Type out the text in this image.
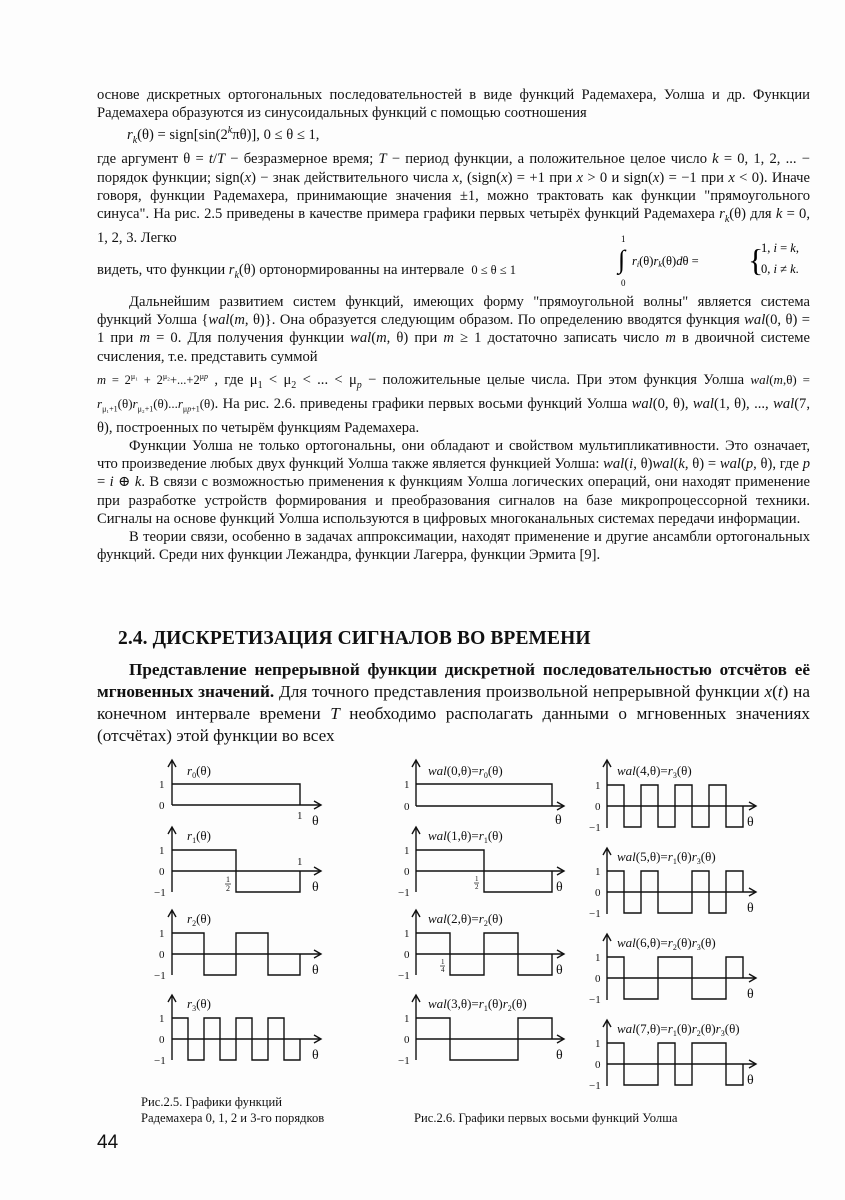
основе дискретных ортогональных последовательностей в виде функций Радемахера, Уолша и др. Функции Радемахера образуются из синусоидальных функций с помощью соотношения

$r_k(\theta)$ = $sign[\sin(2^k\pi\theta)]$, 0 ≤ θ ≤ 1,

где аргумент θ = t/T − безразмерное время; T − период функции, а положительное целое число k = 0, 1, 2, ... − порядок функции; sign(x) − знак действительного числа x, (sign(x) = +1 при x > 0 и sign(x) = −1 при x < 0). Иначе говоря, функции Радемахера, принимающие значения ±1, можно трактовать как функции "прямоугольного синуса". На рис. 2.5 приведены в качестве примера графики первых четырёх функций Радемахера $r_k(\theta)$ для k = 0, 1, 2, 3. Легко

видеть, что функции $r_k(\theta)$ ортонормированны на интервале  0 ≤ θ ≤ 1

1
∫
0
ri(θ)rk(θ)dθ = {
1, i = k,
0, i ≠ k.

Дальнейшим развитием систем функций, имеющих форму "прямоугольной волны" является система функций Уолша {wal(m, θ)}. Она образуется следующим образом. По определению вводятся функция wal(0, θ) = 1 при m = 0. Для получения функции wal(m, θ) при m ≥ 1 достаточно записать число m в двоичной системе счисления, т.е. представить суммой

$m = 2^{\mu_1} + 2^{\mu_2}+...+2^{\mu p}$ , где $\mu_1 < \mu_2$ < ... < $\mu_p$ − положительные целые числа. При этом функция Уолша $wal(m,\theta) = r_{\mu_1+1}(\theta)r_{\mu_2+1}(\theta)...r_{\mu p+1}(\theta)$. На рис. 2.6. приведены графики первых восьми функций Уолша wal(0, θ), wal(1, θ), ..., wal(7, θ), построенных по четырём функциям Радемахера.

Функции Уолша не только ортогональны, они обладают и свойством мультипликативности. Это означает, что произведение любых двух функций Уолша также является функцией Уолша: wal(i, θ)wal(k, θ) = wal(p, θ), где p = i ⊕ k. В связи с возможностью применения к функциям Уолша логических операций, они находят применение при разработке устройств формирования и преобразования сигналов на базе микропроцессорной техники. Сигналы на основе функций Уолша используются в цифровых многоканальных системах передачи информации.

В теории связи, особенно в задачах аппроксимации, находят применение и другие ансамбли ортогональных функций. Среди них функции Лежандра, функции Лагерра, функции Эрмита [9].

2.4. ДИСКРЕТИЗАЦИЯ СИГНАЛОВ ВО ВРЕМЕНИ

Представление непрерывной функции дискретной последовательностью отсчётов её мгновенных значений. Для точного представления произвольной непрерывной функции x(t) на конечном интервале времени T необходимо располагать данными о мгновенных значениях (отсчётах) этой функции во всех

$r_0(\theta)$
1
0
1 θ
$r_1(\theta)$
1
0
−1
1
1
2	θ
$r_2(\theta)$
1
0
−1	θ
$r_3(\theta)$
1
0
−1	θ
$wal(0,\theta)=r_0(\theta)$
1
0
θ
$wal(1,\theta)=r_1(\theta)$
1
0
−1
1
2	θ
$wal(2,\theta)=r_2(\theta)$
1
0
−1
1
4	θ
$wal(3,\theta)=r_1(\theta)r_2(\theta)$
1
0
−1	θ
$wal(4,\theta)=r_3(\theta)$
1
0
−1	θ
$wal(5,\theta)=r_1(\theta)r_3(\theta)$
1
0
−1	θ
$wal(6,\theta)=r_2(\theta)r_3(\theta)$
1
0
−1	θ
$wal(7,\theta)=r_1(\theta)r_2(\theta)r_3(\theta)$
1
0
−1	θ
Рис.2.5. Графики функций
Радемахера 0, 1, 2 и 3-го порядков	Рис.2.6. Графики первых восьми функций Уолша
44
